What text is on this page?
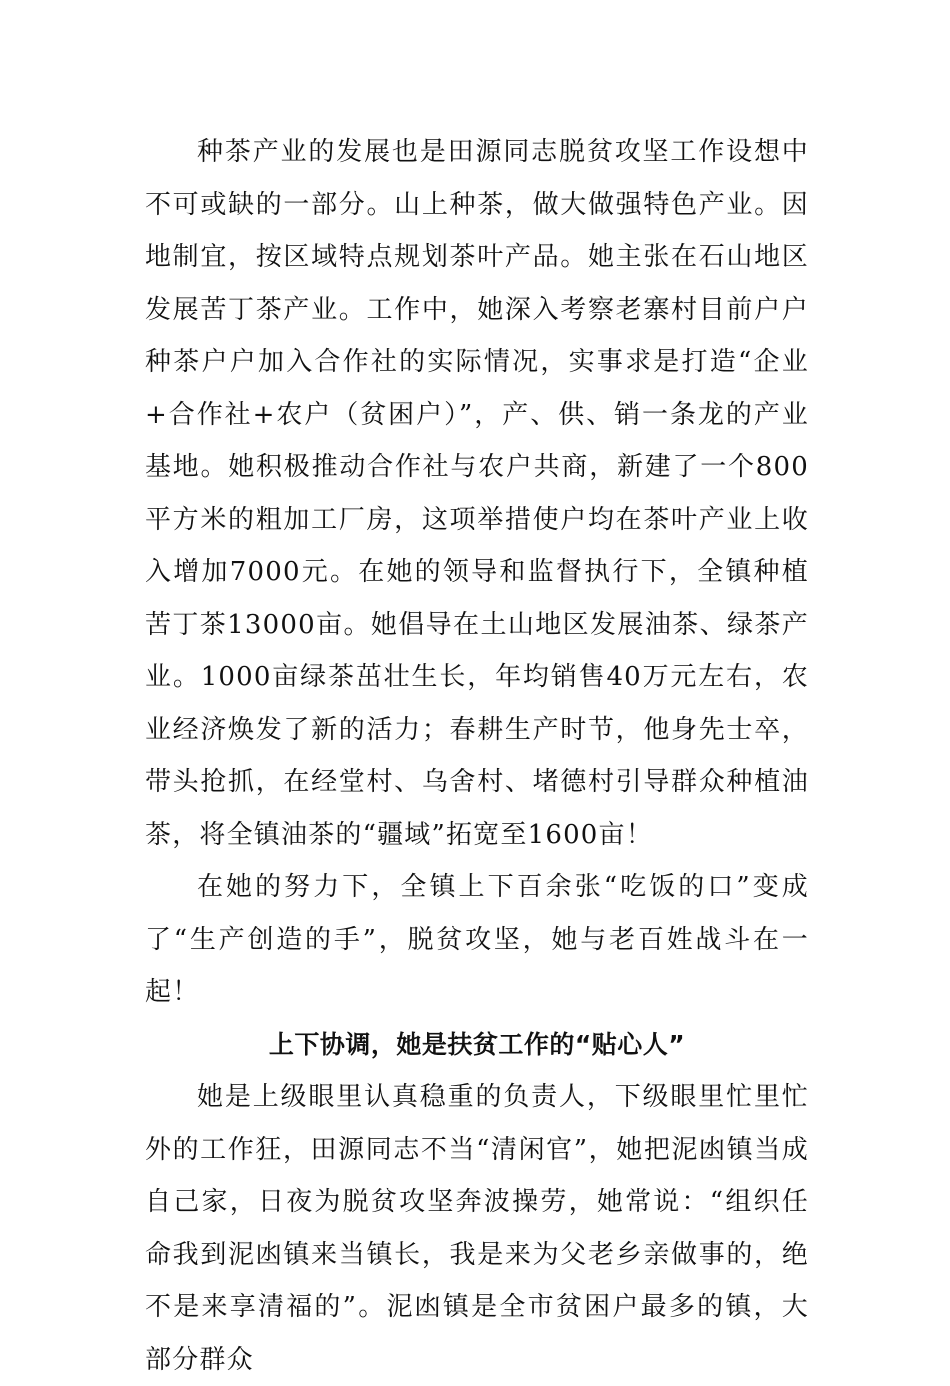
种茶产业的发展也是田源同志脱贫攻坚工作设想中不可或缺的一部分。山上种茶，做大做强特色产业。因地制宜，按区域特点规划茶叶产品。她主张在石山地区发展苦丁茶产业。工作中，她深入考察老寨村目前户户种茶户户加入合作社的实际情况，实事求是打造“企业+合作社+农户（贫困户）”，产、供、销一条龙的产业基地。她积极推动合作社与农户共商，新建了一个800平方米的粗加工厂房，这项举措使户均在茶叶产业上收入增加7000元。在她的领导和监督执行下，全镇种植苦丁茶13000亩。她倡导在土山地区发展油茶、绿茶产业。1000亩绿茶茁壮生长，年均销售40万元左右，农业经济焕发了新的活力；春耕生产时节，他身先士卒，带头抢抓，在经堂村、乌舍村、堵德村引导群众种植油茶，将全镇油茶的“疆域”拓宽至1600亩！

在她的努力下，全镇上下百余张“吃饭的口”变成了“生产创造的手”，脱贫攻坚，她与老百姓战斗在一起！

上下协调，她是扶贫工作的“贴心人”

她是上级眼里认真稳重的负责人，下级眼里忙里忙外的工作狂，田源同志不当“清闲官”，她把泥凼镇当成自己家，日夜为脱贫攻坚奔波操劳，她常说：“组织任命我到泥凼镇来当镇长，我是来为父老乡亲做事的，绝不是来享清福的”。泥凼镇是全市贫困户最多的镇，大部分群众
